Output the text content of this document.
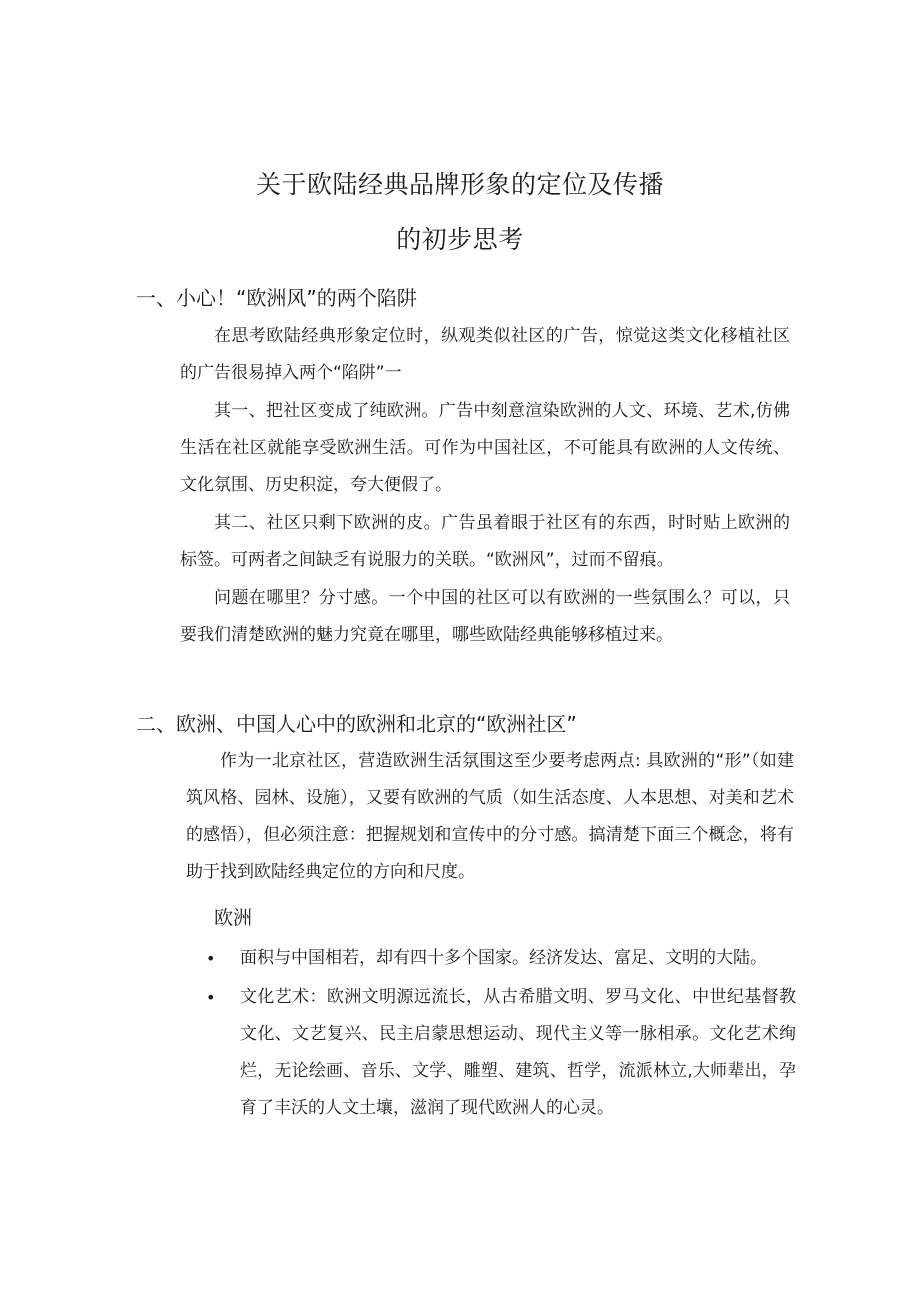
关于欧陆经典品牌形象的定位及传播
的初步思考
一、小心！“欧洲风”的两个陷阱

在思考欧陆经典形象定位时，纵观类似社区的广告，惊觉这类文化移植社区的广告很易掉入两个“陷阱”一

其一、把社区变成了纯欧洲。广告中刻意渲染欧洲的人文、环境、艺术,仿佛生活在社区就能享受欧洲生活。可作为中国社区，不可能具有欧洲的人文传统、文化氛围、历史积淀，夸大便假了。

其二、社区只剩下欧洲的皮。广告虽着眼于社区有的东西，时时贴上欧洲的标签。可两者之间缺乏有说服力的关联。“欧洲风”，过而不留痕。

问题在哪里？分寸感。一个中国的社区可以有欧洲的一些氛围么？可以，只要我们清楚欧洲的魅力究竟在哪里，哪些欧陆经典能够移植过来。

二、欧洲、中国人心中的欧洲和北京的“欧洲社区”

作为一北京社区，营造欧洲生活氛围这至少要考虑两点: 具欧洲的“形”（如建筑风格、园林、设施），又要有欧洲的气质（如生活态度、人本思想、对美和艺术的感悟），但必须注意：把握规划和宣传中的分寸感。搞清楚下面三个概念，将有助于找到欧陆经典定位的方向和尺度。

欧洲
• 面积与中国相若，却有四十多个国家。经济发达、富足、文明的大陆。
• 文化艺术：欧洲文明源远流长，从古希腊文明、罗马文化、中世纪基督教文化、文艺复兴、民主启蒙思想运动、现代主义等一脉相承。文化艺术绚烂，无论绘画、音乐、文学、雕塑、建筑、哲学，流派林立,大师辈出，孕育了丰沃的人文土壤，滋润了现代欧洲人的心灵。
